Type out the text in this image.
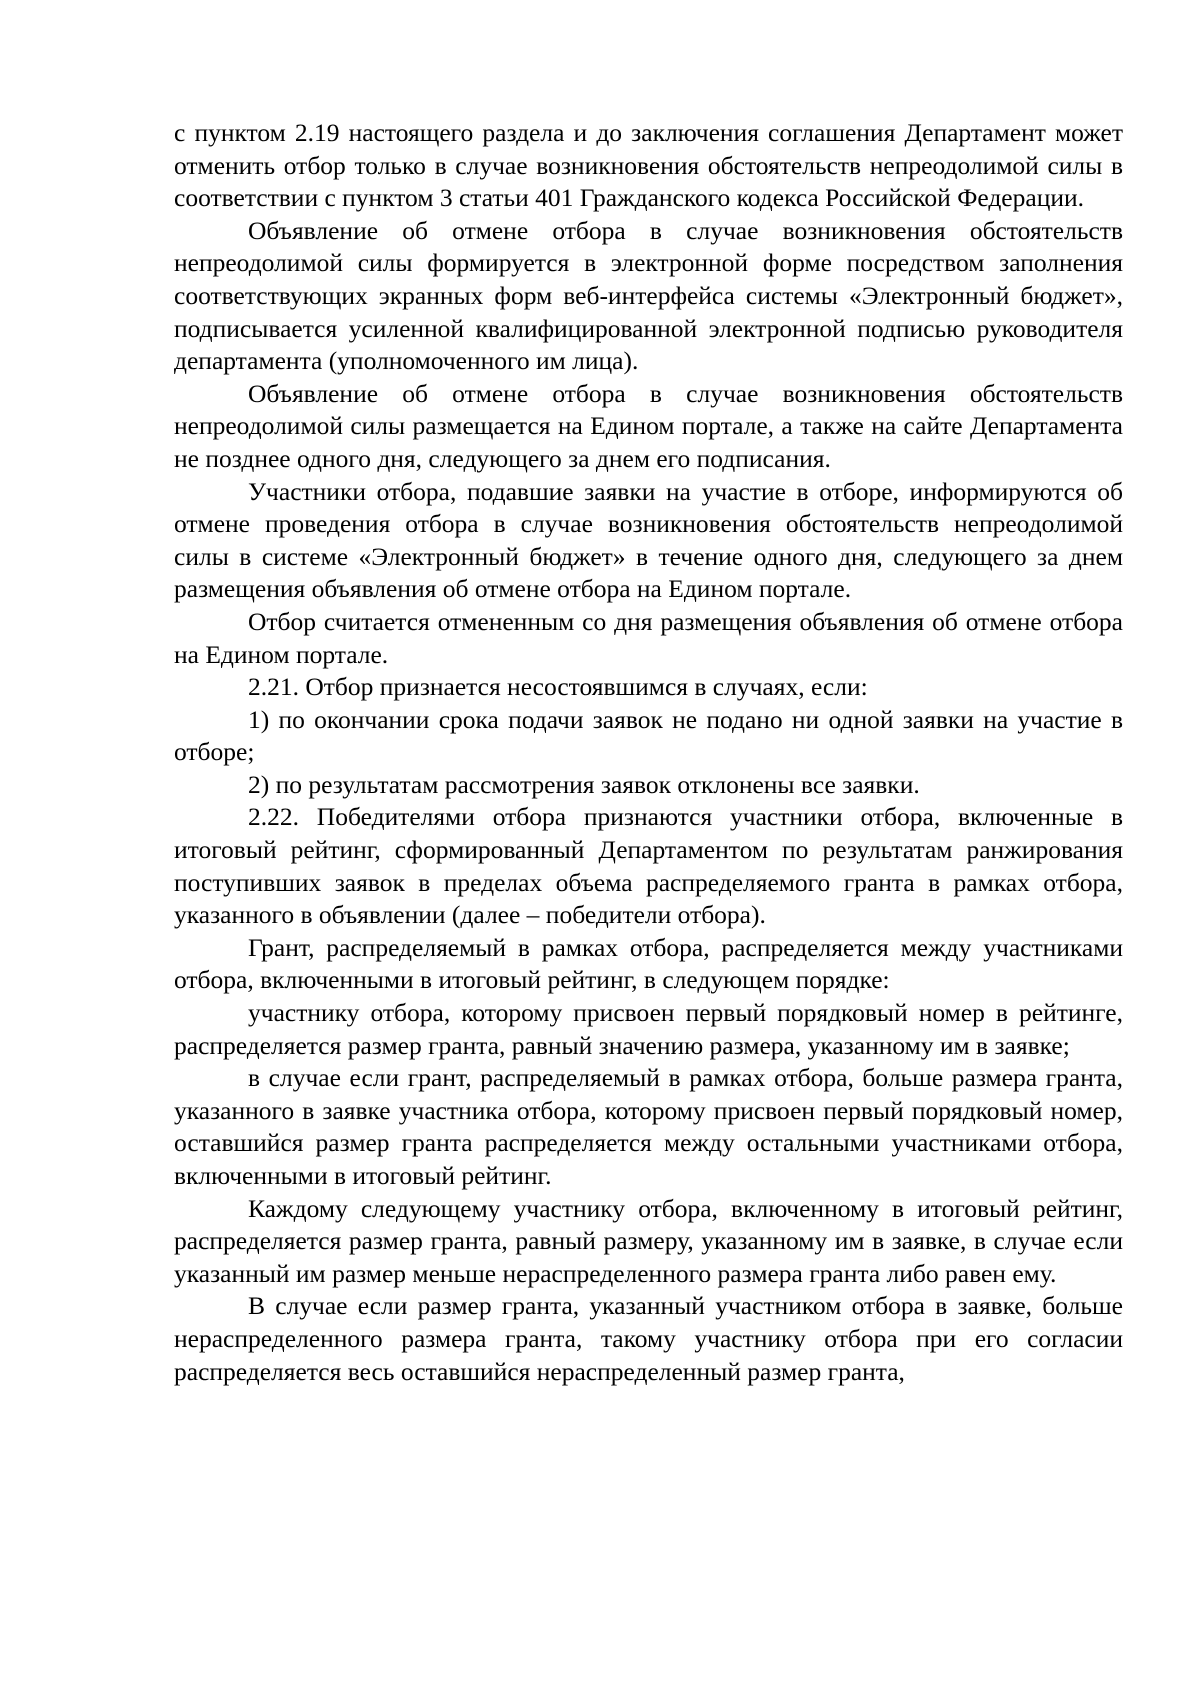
с пунктом 2.19 настоящего раздела и до заключения соглашения Департамент может отменить отбор только в случае возникновения обстоятельств непреодолимой силы в соответствии с пунктом 3 статьи 401 Гражданского кодекса Российской Федерации.

Объявление об отмене отбора в случае возникновения обстоятельств непреодолимой силы формируется в электронной форме посредством заполнения соответствующих экранных форм веб-интерфейса системы «Электронный бюджет», подписывается усиленной квалифицированной электронной подписью руководителя департамента (уполномоченного им лица).

Объявление об отмене отбора в случае возникновения обстоятельств непреодолимой силы размещается на Едином портале, а также на сайте Департамента не позднее одного дня, следующего за днем его подписания.

Участники отбора, подавшие заявки на участие в отборе, информируются об отмене проведения отбора в случае возникновения обстоятельств непреодолимой силы в системе «Электронный бюджет» в течение одного дня, следующего за днем размещения объявления об отмене отбора на Едином портале.

Отбор считается отмененным со дня размещения объявления об отмене отбора на Едином портале.

2.21. Отбор признается несостоявшимся в случаях, если:

1) по окончании срока подачи заявок не подано ни одной заявки на участие в отборе;

2) по результатам рассмотрения заявок отклонены все заявки.

2.22. Победителями отбора признаются участники отбора, включенные в итоговый рейтинг, сформированный Департаментом по результатам ранжирования поступивших заявок в пределах объема распределяемого гранта в рамках отбора, указанного в объявлении (далее – победители отбора).

Грант, распределяемый в рамках отбора, распределяется между участниками отбора, включенными в итоговый рейтинг, в следующем порядке:

участнику отбора, которому присвоен первый порядковый номер в рейтинге, распределяется размер гранта, равный значению размера, указанному им в заявке;

в случае если грант, распределяемый в рамках отбора, больше размера гранта, указанного в заявке участника отбора, которому присвоен первый порядковый номер, оставшийся размер гранта распределяется между остальными участниками отбора, включенными в итоговый рейтинг.

Каждому следующему участнику отбора, включенному в итоговый рейтинг, распределяется размер гранта, равный размеру, указанному им в заявке, в случае если указанный им размер меньше нераспределенного размера гранта либо равен ему.

В случае если размер гранта, указанный участником отбора в заявке, больше нераспределенного размера гранта, такому участнику отбора при его согласии распределяется весь оставшийся нераспределенный размер гранта,
